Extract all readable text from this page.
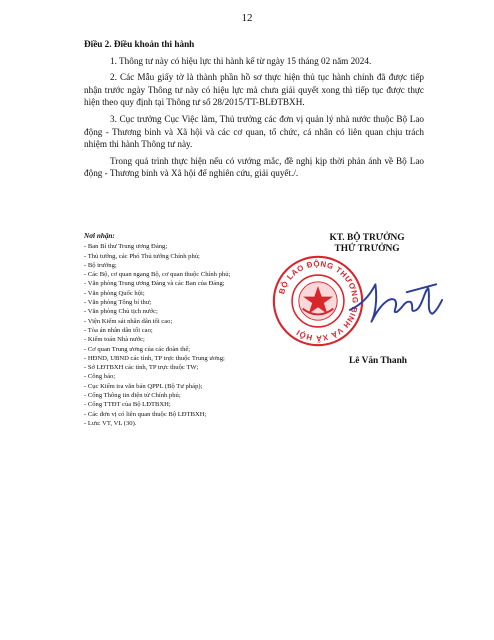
12

Điều 2. Điều khoản thi hành

1. Thông tư này có hiệu lực thi hành kể từ ngày 15 tháng 02 năm 2024.

2. Các Mẫu giấy tờ là thành phần hồ sơ thực hiện thủ tục hành chính đã được tiếp nhận trước ngày Thông tư này có hiệu lực mà chưa giải quyết xong thì tiếp tục được thực hiện theo quy định tại Thông tư số 28/2015/TT-BLĐTBXH.

3. Cục trưởng Cục Việc làm, Thủ trưởng các đơn vị quản lý nhà nước thuộc Bộ Lao động - Thương binh và Xã hội và các cơ quan, tổ chức, cá nhân có liên quan chịu trách nhiệm thi hành Thông tư này.

Trong quá trình thực hiện nếu có vướng mắc, đề nghị kịp thời phản ánh về Bộ Lao động - Thương binh và Xã hội để nghiên cứu, giải quyết./.

Nơi nhận:
- Ban Bí thư Trung ương Đảng;
- Thủ tướng, các Phó Thủ tướng Chính phủ;
- Bộ trưởng;
- Các Bộ, cơ quan ngang Bộ, cơ quan thuộc Chính phủ;
- Văn phòng Trung ương Đảng và các Ban của Đảng;
- Văn phòng Quốc hội;
- Văn phòng Tổng bí thư;
- Văn phòng Chủ tịch nước;
- Viện Kiểm sát nhân dân tối cao;
- Tòa án nhân dân tối cao;
- Kiểm toán Nhà nước;
- Cơ quan Trung ương của các đoàn thể;
- HĐND, UBND các tỉnh, TP trực thuộc Trung ương;
- Sở LĐTBXH các tỉnh, TP trực thuộc TW;
- Công báo;
- Cục Kiểm tra văn bản QPPL (Bộ Tư pháp);
- Cổng Thông tin điện tử Chính phủ;
- Cổng TTĐT của Bộ LĐTBXH;
- Các đơn vị có liên quan thuộc Bộ LĐTBXH;
- Lưu: VT, VL (30).
BỘ LAO ĐỘNG THƯƠNG BINH VÀ XÃ HỘI
KT. BỘ TRƯỞNG
THỨ TRƯỞNG
Lê Văn Thanh
